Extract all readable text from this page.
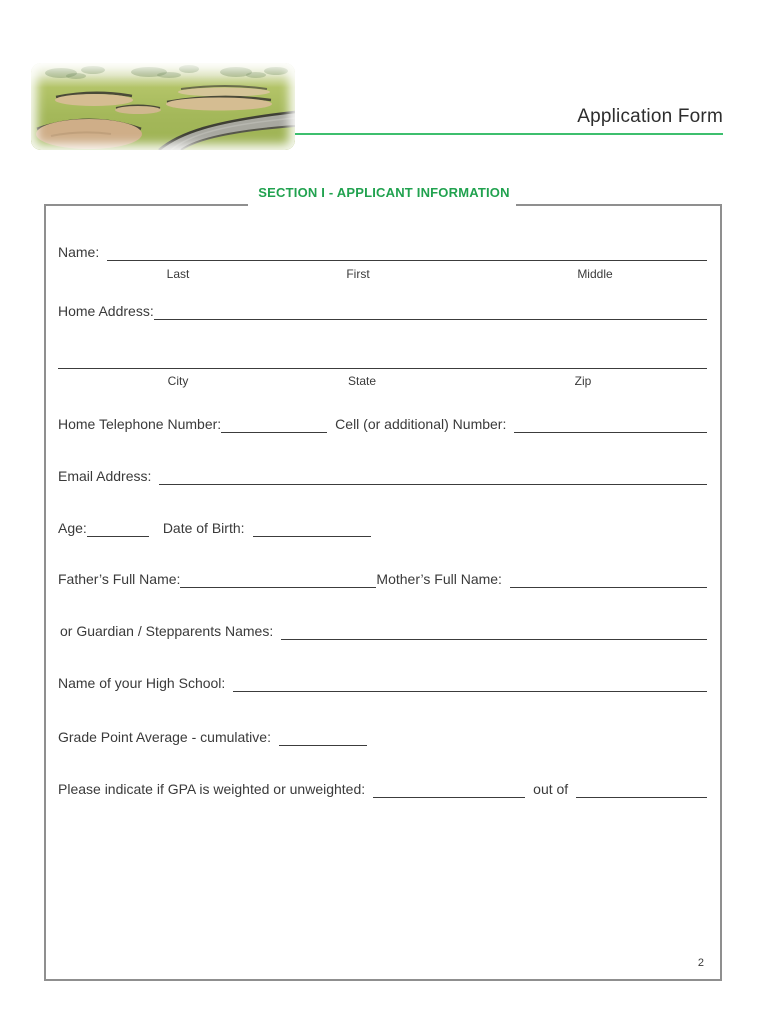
Application Form
SECTION I - APPLICANT INFORMATION
Name:
Last	First	Middle
Home Address:
City	State	Zip
Home Telephone Number:	Cell (or additional) Number:
Email Address:
Age:	Date of Birth:
Father’s Full Name:	Mother’s Full Name:
or Guardian / Stepparents Names:
Name of your High School:
Grade Point Average - cumulative:
Please indicate if GPA is weighted or unweighted:	out of
2
